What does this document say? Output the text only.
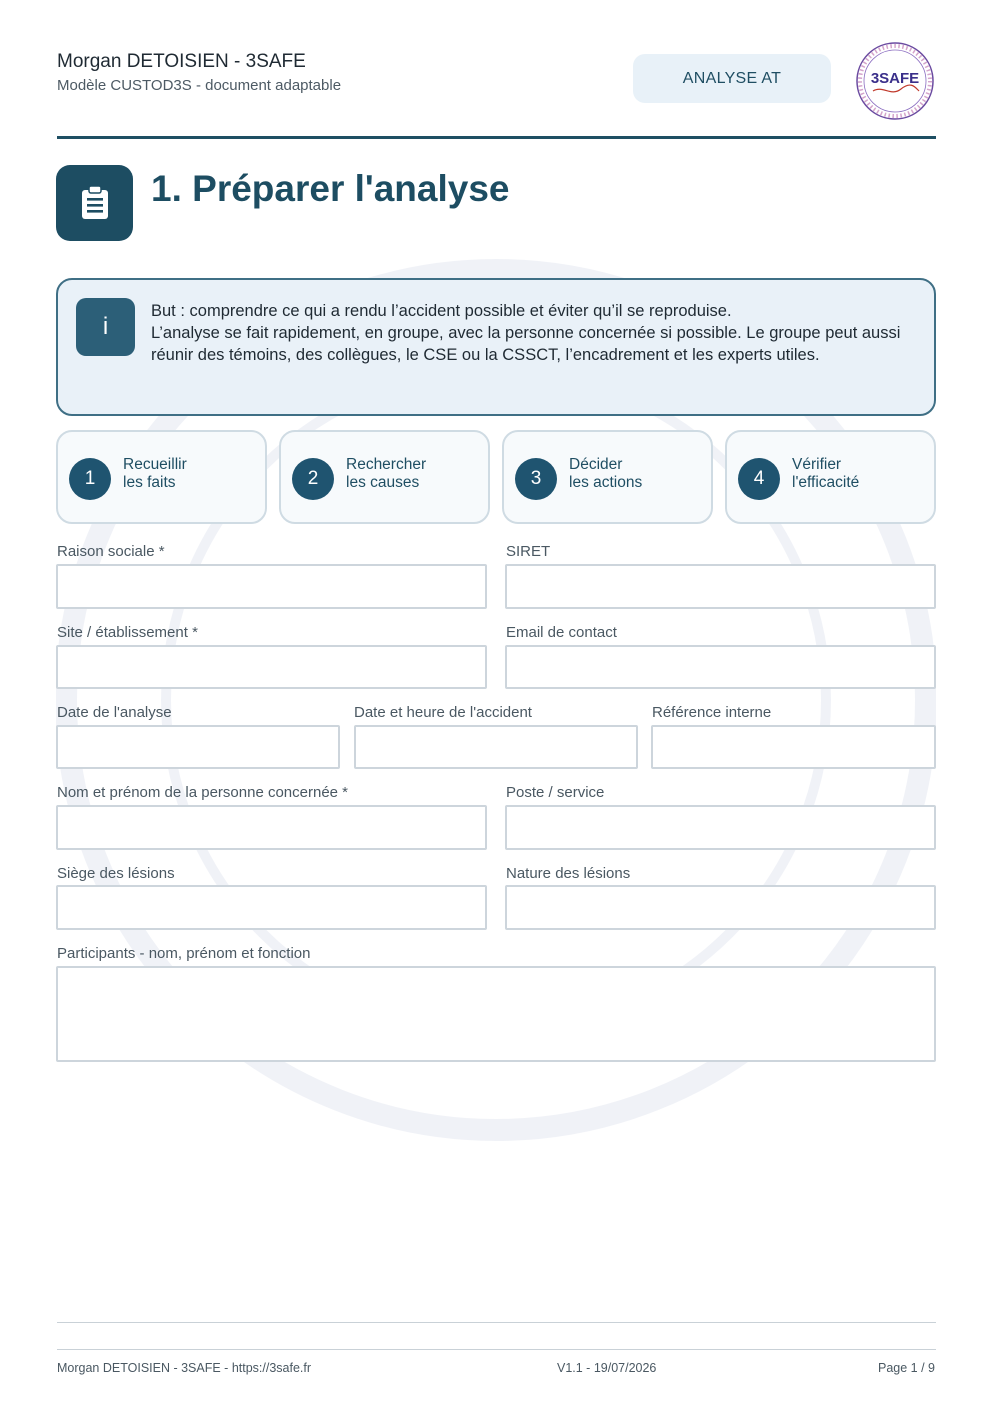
Morgan DETOISIEN - 3SAFE
Modèle CUSTOD3S - document adaptable	ANALYSE AT	3SAFE
1. Préparer l'analyse
i
But : comprendre ce qui a rendu l’accident possible et éviter qu’il se reproduise.
L’analyse se fait rapidement, en groupe, avec la personne concernée si possible. Le groupe peut aussi réunir des témoins, des collègues, le CSE ou la CSSCT, l’encadrement et les experts utiles.
1
Recueillir
les faits	2
Rechercher
les causes	3
Décider
les actions	4
Vérifier
l'efficacité
Raison sociale *	SIRET
Site / établissement *	Email de contact
Date de l'analyse	Date et heure de l'accident	Référence interne
Nom et prénom de la personne concernée *	Poste / service
Siège des lésions	Nature des lésions
Participants - nom, prénom et fonction
Morgan DETOISIEN - 3SAFE - https://3safe.fr	V1.1 - 19/07/2026	Page 1 / 9
